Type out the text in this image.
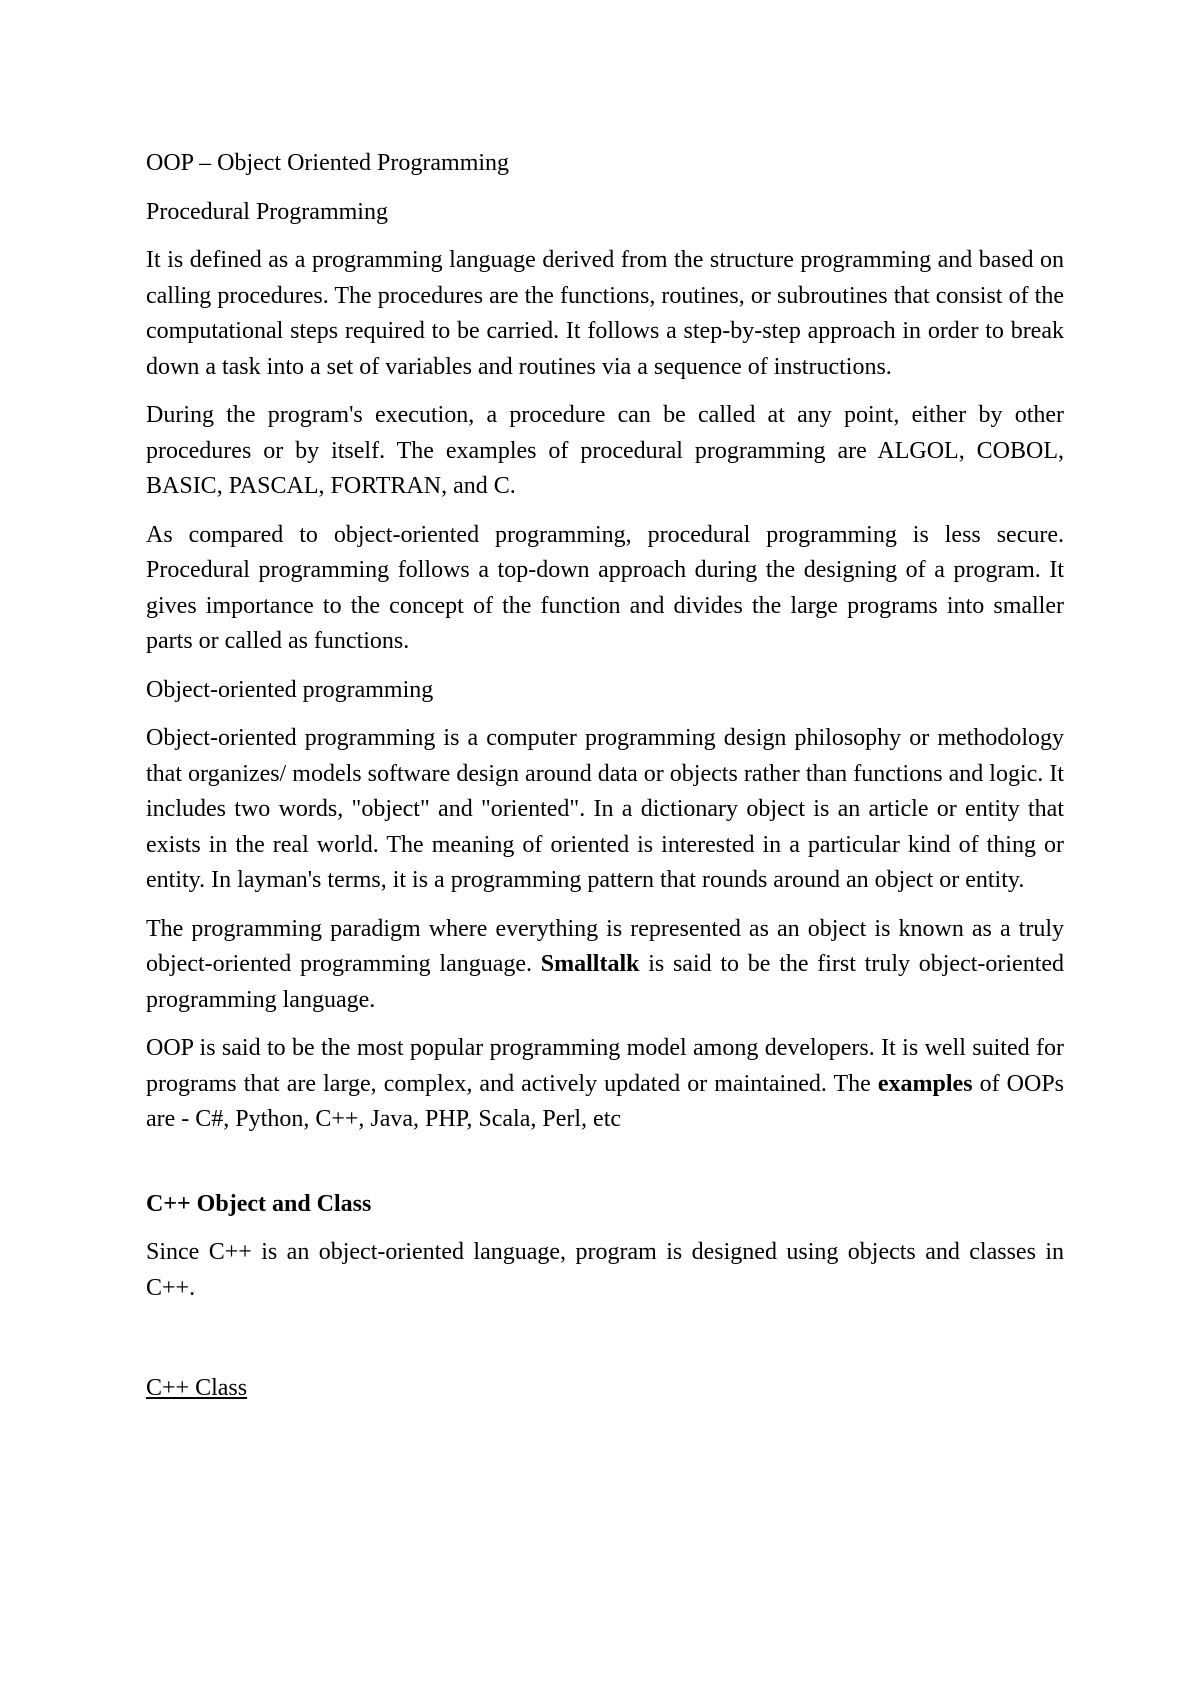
OOP – Object Oriented Programming
Procedural Programming

It is defined as a programming language derived from the structure programming and based on calling procedures. The procedures are the functions, routines, or subroutines that consist of the computational steps required to be carried. It follows a step-by-step approach in order to break down a task into a set of variables and routines via a sequence of instructions.

During the program's execution, a procedure can be called at any point, either by other procedures or by itself. The examples of procedural programming are ALGOL, COBOL, BASIC, PASCAL, FORTRAN, and C.

As compared to object-oriented programming, procedural programming is less secure. Procedural programming follows a top-down approach during the designing of a program. It gives importance to the concept of the function and divides the large programs into smaller parts or called as functions.

Object-oriented programming

Object-oriented programming is a computer programming design philosophy or methodology that organizes/ models software design around data or objects rather than functions and logic. It includes two words, "object" and "oriented". In a dictionary object is an article or entity that exists in the real world. The meaning of oriented is interested in a particular kind of thing or entity. In layman's terms, it is a programming pattern that rounds around an object or entity.

The programming paradigm where everything is represented as an object is known as a truly object-oriented programming language. Smalltalk is said to be the first truly object-oriented programming language.

OOP is said to be the most popular programming model among developers. It is well suited for programs that are large, complex, and actively updated or maintained. The examples of OOPs are - C#, Python, C++, Java, PHP, Scala, Perl, etc

C++ Object and Class

Since C++ is an object-oriented language, program is designed using objects and classes in C++.

C++ Class
